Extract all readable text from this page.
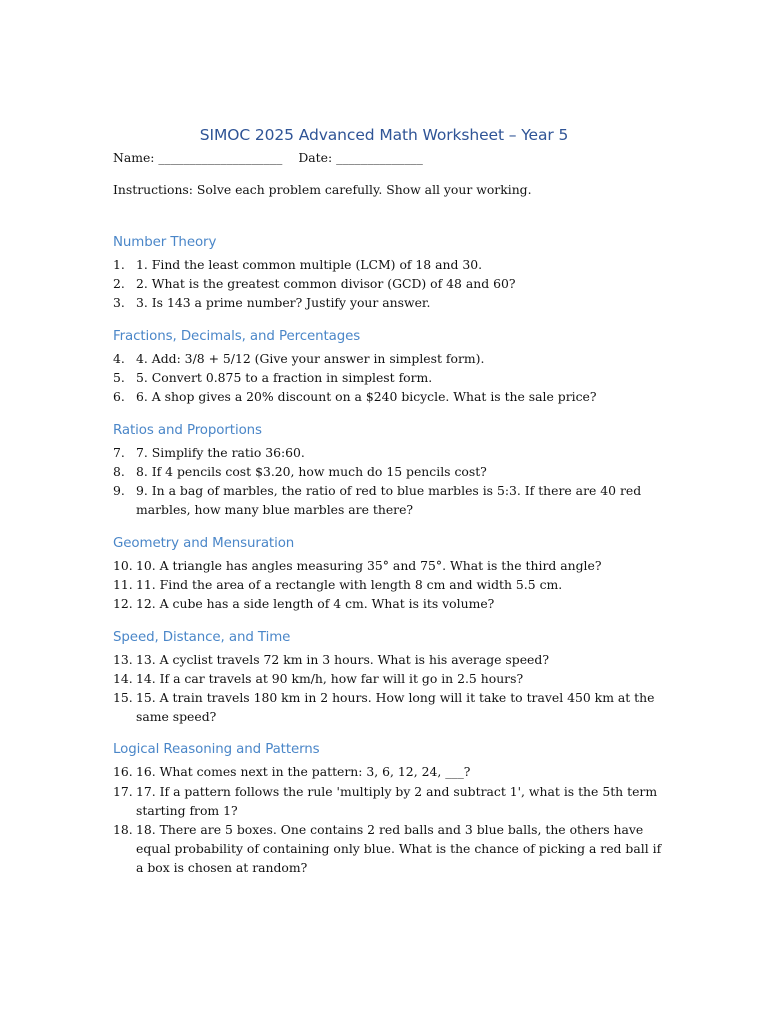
SIMOC 2025 Advanced Math Worksheet – Year 5
Name: ____________________ Date: ______________
Instructions: Solve each problem carefully. Show all your working.
Number Theory
1. 1. Find the least common multiple (LCM) of 18 and 30.
2. 2. What is the greatest common divisor (GCD) of 48 and 60?
3. 3. Is 143 a prime number? Justify your answer.
Fractions, Decimals, and Percentages
4. 4. Add: 3/8 + 5/12 (Give your answer in simplest form).
5. 5. Convert 0.875 to a fraction in simplest form.
6. 6. A shop gives a 20% discount on a $240 bicycle. What is the sale price?
Ratios and Proportions
7. 7. Simplify the ratio 36:60.
8. 8. If 4 pencils cost $3.20, how much do 15 pencils cost?
9. 9. In a bag of marbles, the ratio of red to blue marbles is 5:3. If there are 40 red marbles, how many blue marbles are there?
Geometry and Mensuration
10. 10. A triangle has angles measuring 35° and 75°. What is the third angle?
11. 11. Find the area of a rectangle with length 8 cm and width 5.5 cm.
12. 12. A cube has a side length of 4 cm. What is its volume?
Speed, Distance, and Time
13. 13. A cyclist travels 72 km in 3 hours. What is his average speed?
14. 14. If a car travels at 90 km/h, how far will it go in 2.5 hours?
15. 15. A train travels 180 km in 2 hours. How long will it take to travel 450 km at the same speed?
Logical Reasoning and Patterns
16. 16. What comes next in the pattern: 3, 6, 12, 24, ___?
17. 17. If a pattern follows the rule 'multiply by 2 and subtract 1', what is the 5th term starting from 1?
18. 18. There are 5 boxes. One contains 2 red balls and 3 blue balls, the others have equal probability of containing only blue. What is the chance of picking a red ball if a box is chosen at random?
